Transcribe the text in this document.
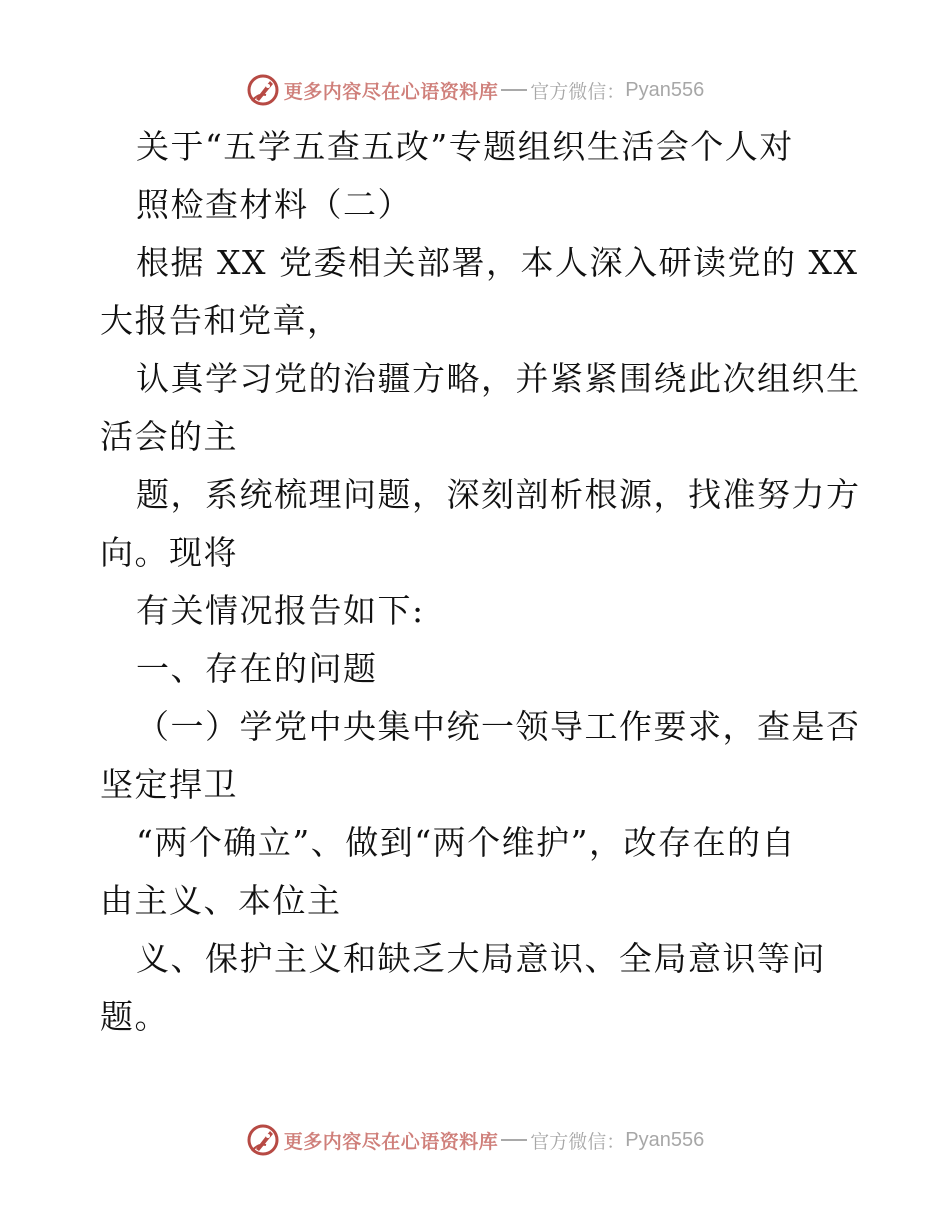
更多内容尽在心语资料库 官方微信： Pyan556
关于“五学五查五改”专题组织生活会个人对
照检查材料（二）
根据 XX 党委相关部署，本人深入研读党的 XX
大报告和党章，
认真学习党的治疆方略，并紧紧围绕此次组织生
活会的主
题，系统梳理问题，深刻剖析根源，找准努力方
向。现将
有关情况报告如下:
一、存在的问题
（一）学党中央集中统一领导工作要求，查是否
坚定捍卫
“两个确立”、做到“两个维护”，改存在的自
由主义、本位主
义、保护主义和缺乏大局意识、全局意识等问
题。
更多内容尽在心语资料库 官方微信： Pyan556
